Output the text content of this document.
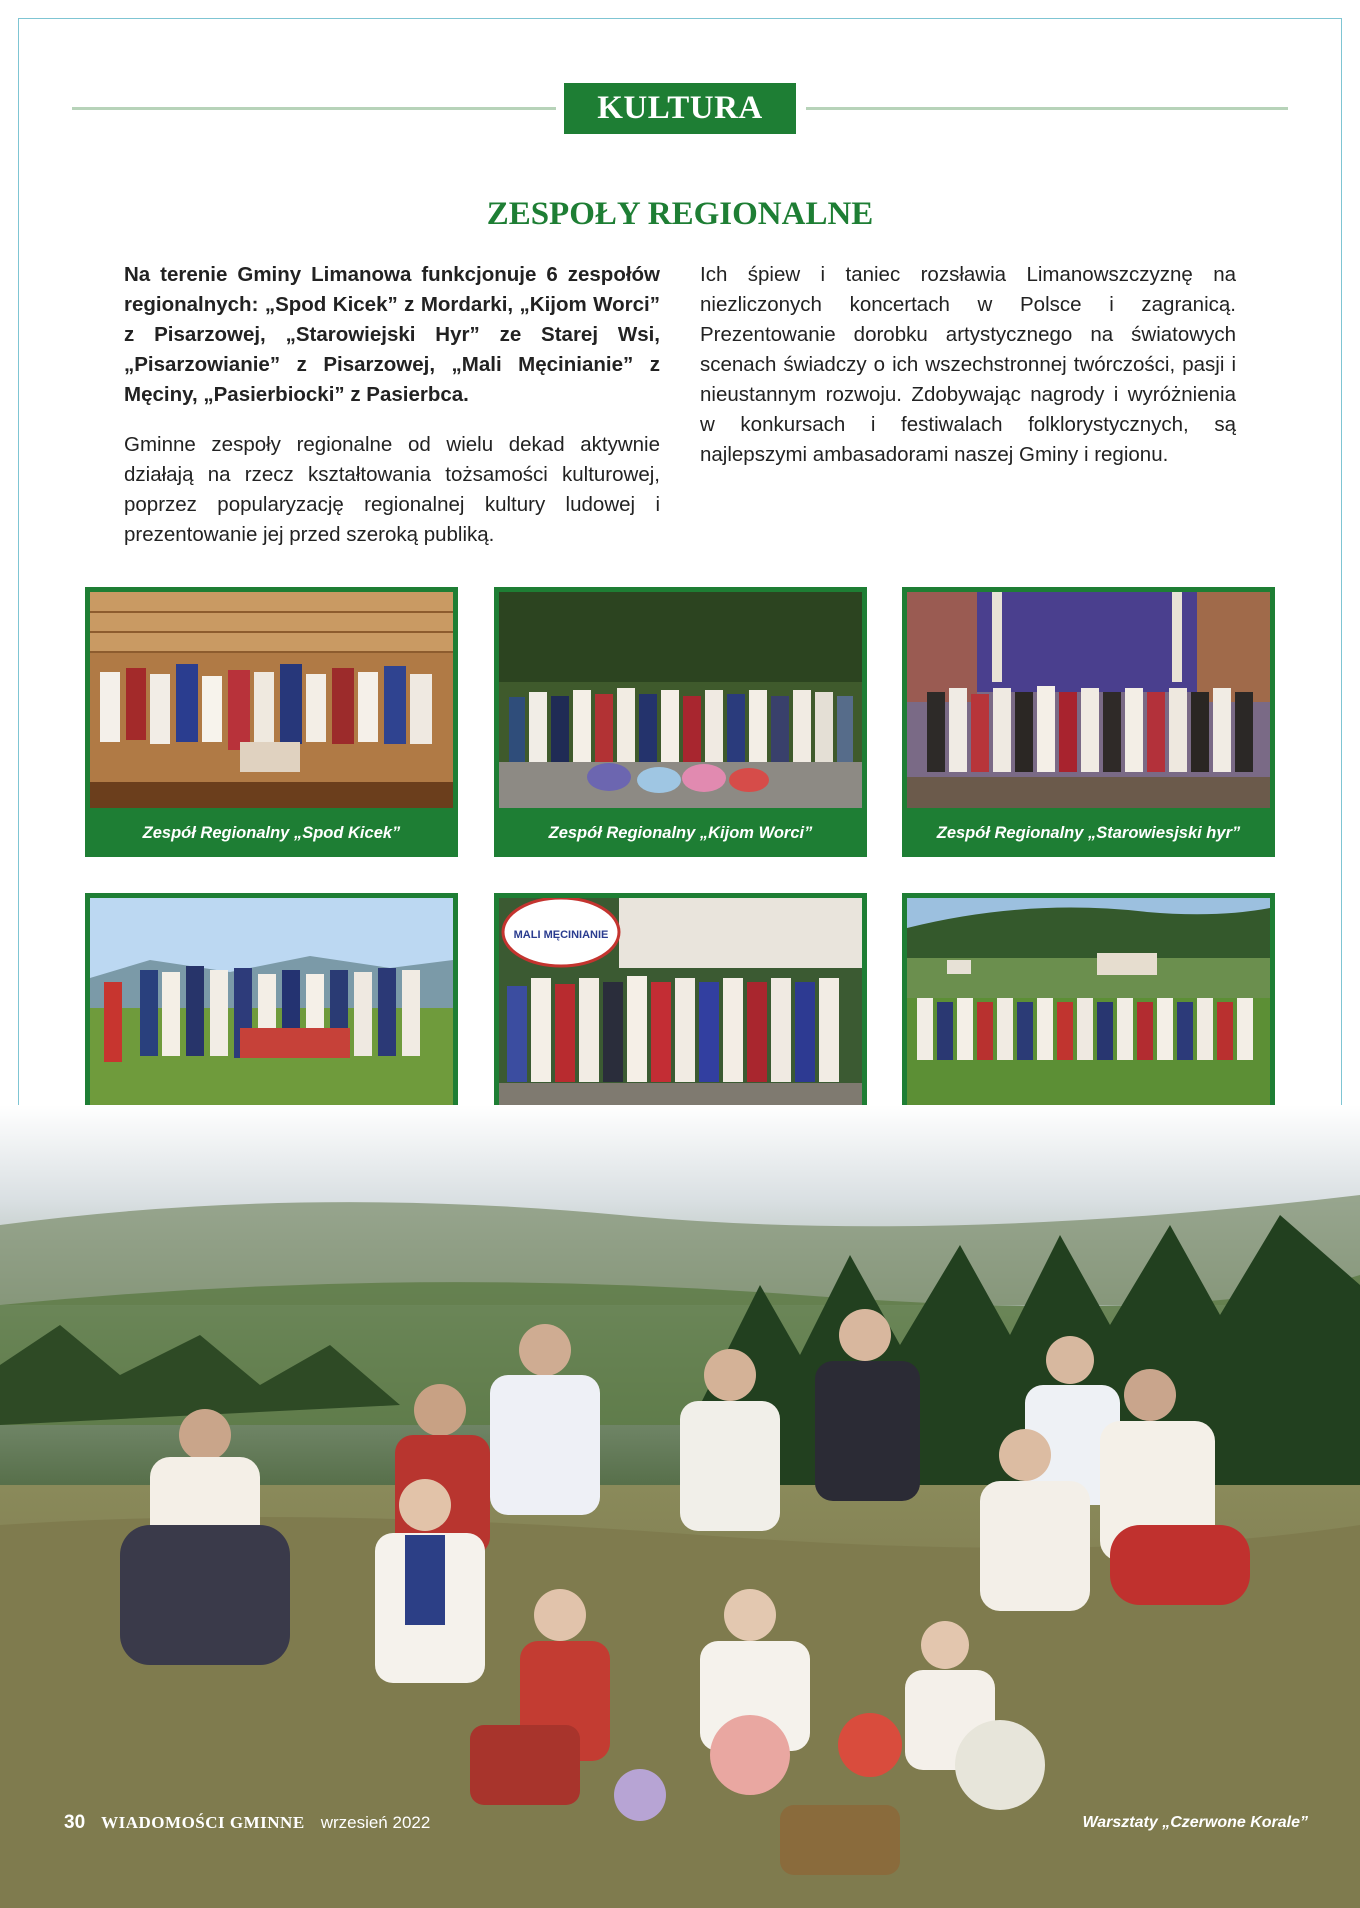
KULTURA
ZESPOŁY REGIONALNE

Na terenie Gminy Limanowa funkcjonuje 6 zespołów regionalnych: „Spod Kicek” z Mordarki, „Kijom Worci” z Pisarzowej, „Starowiejski Hyr” ze Starej Wsi, „Pisarzowianie” z Pisarzowej, „Mali Męcinianie” z Męciny, „Pasierbiocki” z Pasierbca.

Gminne zespoły regionalne od wielu dekad aktywnie działają na rzecz kształtowania tożsamości kulturowej, poprzez popularyzację regionalnej kultury ludowej i prezentowanie jej przed szeroką publiką.

Ich śpiew i taniec rozsławia Limanowszczyznę na niezliczonych koncertach w Polsce i zagranicą. Prezentowanie dorobku artystycznego na światowych scenach świadczy o ich wszechstronnej twórczości, pasji i nieustannym rozwoju. Zdobywając nagrody i wyróżnienia w konkursach i festiwalach folklorystycznych, są najlepszymi ambasadorami naszej Gminy i regionu.

Zespół Regionalny „Spod Kicek”	Zespół Regionalny „Kijom Worci”	Zespół Regionalny „Starowiesjski hyr”
MALI MĘCINIANIE
30 WIADOMOŚCI GMINNE wrzesień 2022	Warsztaty „Czerwone Korale”
